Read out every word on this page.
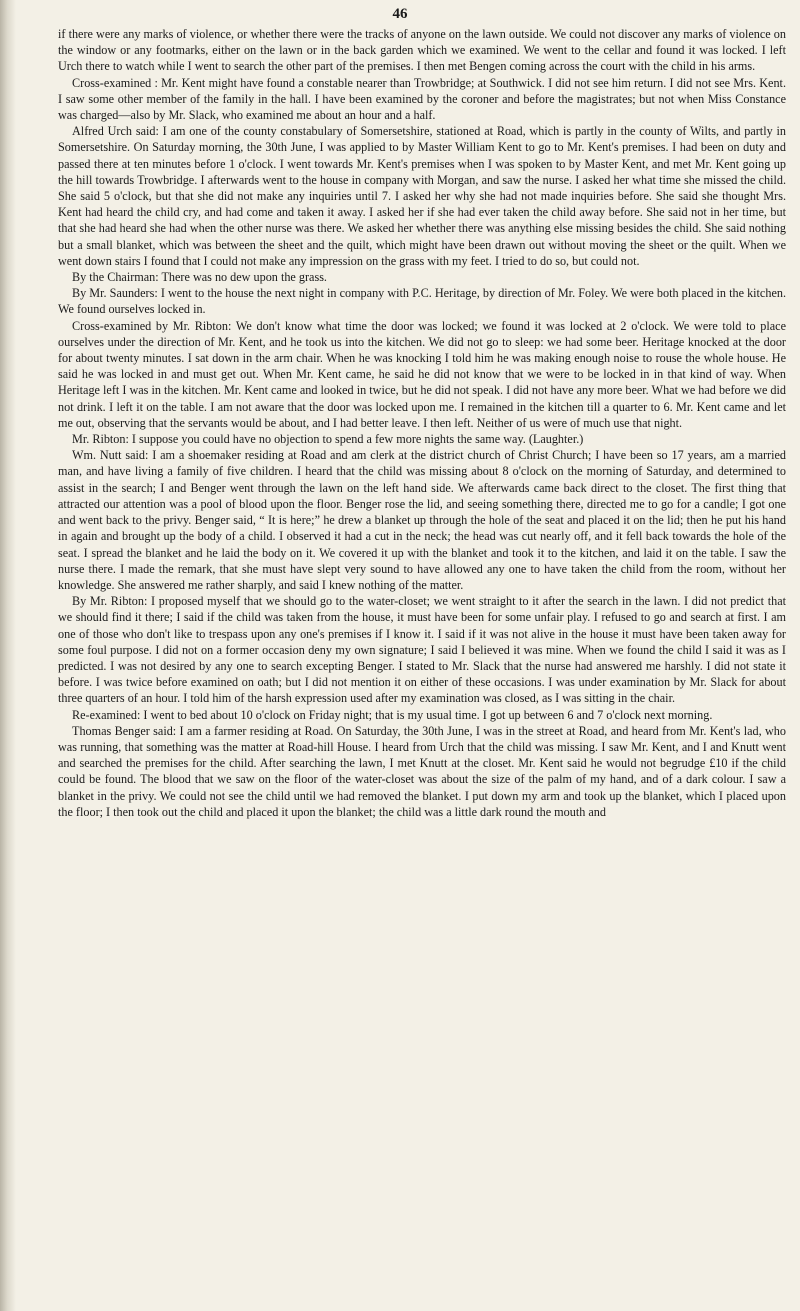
46

if there were any marks of violence, or whether there were the tracks of anyone on the lawn outside. We could not discover any marks of violence on the window or any footmarks, either on the lawn or in the back garden which we examined. We went to the cellar and found it was locked. I left Urch there to watch while I went to search the other part of the premises. I then met Bengen coming across the court with the child in his arms.

Cross-examined : Mr. Kent might have found a constable nearer than Trowbridge; at Southwick. I did not see him return. I did not see Mrs. Kent. I saw some other member of the family in the hall. I have been examined by the coroner and before the magistrates; but not when Miss Constance was charged—also by Mr. Slack, who examined me about an hour and a half.

Alfred Urch said: I am one of the county constabulary of Somersetshire, stationed at Road, which is partly in the county of Wilts, and partly in Somersetshire. On Saturday morning, the 30th June, I was applied to by Master William Kent to go to Mr. Kent's premises. I had been on duty and passed there at ten minutes before 1 o'clock. I went towards Mr. Kent's premises when I was spoken to by Master Kent, and met Mr. Kent going up the hill towards Trowbridge. I afterwards went to the house in company with Morgan, and saw the nurse. I asked her what time she missed the child. She said 5 o'clock, but that she did not make any inquiries until 7. I asked her why she had not made inquiries before. She said she thought Mrs. Kent had heard the child cry, and had come and taken it away. I asked her if she had ever taken the child away before. She said not in her time, but that she had heard she had when the other nurse was there. We asked her whether there was anything else missing besides the child. She said nothing but a small blanket, which was between the sheet and the quilt, which might have been drawn out without moving the sheet or the quilt. When we went down stairs I found that I could not make any impression on the grass with my feet. I tried to do so, but could not.

By the Chairman: There was no dew upon the grass.

By Mr. Saunders: I went to the house the next night in company with P.C. Heritage, by direction of Mr. Foley. We were both placed in the kitchen. We found ourselves locked in.

Cross-examined by Mr. Ribton: We don't know what time the door was locked; we found it was locked at 2 o'clock. We were told to place ourselves under the direction of Mr. Kent, and he took us into the kitchen. We did not go to sleep: we had some beer. Heritage knocked at the door for about twenty minutes. I sat down in the arm chair. When he was knocking I told him he was making enough noise to rouse the whole house. He said he was locked in and must get out. When Mr. Kent came, he said he did not know that we were to be locked in in that kind of way. When Heritage left I was in the kitchen. Mr. Kent came and looked in twice, but he did not speak. I did not have any more beer. What we had before we did not drink. I left it on the table. I am not aware that the door was locked upon me. I remained in the kitchen till a quarter to 6. Mr. Kent came and let me out, observing that the servants would be about, and I had better leave. I then left. Neither of us were of much use that night.

Mr. Ribton: I suppose you could have no objection to spend a few more nights the same way. (Laughter.)

Wm. Nutt said: I am a shoemaker residing at Road and am clerk at the district church of Christ Church; I have been so 17 years, am a married man, and have living a family of five children. I heard that the child was missing about 8 o'clock on the morning of Saturday, and determined to assist in the search; I and Benger went through the lawn on the left hand side. We afterwards came back direct to the closet. The first thing that attracted our attention was a pool of blood upon the floor. Benger rose the lid, and seeing something there, directed me to go for a candle; I got one and went back to the privy. Benger said, “ It is here;” he drew a blanket up through the hole of the seat and placed it on the lid; then he put his hand in again and brought up the body of a child. I observed it had a cut in the neck; the head was cut nearly off, and it fell back towards the hole of the seat. I spread the blanket and he laid the body on it. We covered it up with the blanket and took it to the kitchen, and laid it on the table. I saw the nurse there. I made the remark, that she must have slept very sound to have allowed any one to have taken the child from the room, without her knowledge. She answered me rather sharply, and said I knew nothing of the matter.

By Mr. Ribton: I proposed myself that we should go to the water-closet; we went straight to it after the search in the lawn. I did not predict that we should find it there; I said if the child was taken from the house, it must have been for some unfair play. I refused to go and search at first. I am one of those who don't like to trespass upon any one's premises if I know it. I said if it was not alive in the house it must have been taken away for some foul purpose. I did not on a former occasion deny my own signature; I said I believed it was mine. When we found the child I said it was as I predicted. I was not desired by any one to search excepting Benger. I stated to Mr. Slack that the nurse had answered me harshly. I did not state it before. I was twice before examined on oath; but I did not mention it on either of these occasions. I was under examination by Mr. Slack for about three quarters of an hour. I told him of the harsh expression used after my examination was closed, as I was sitting in the chair.

Re-examined: I went to bed about 10 o'clock on Friday night; that is my usual time. I got up between 6 and 7 o'clock next morning.

Thomas Benger said: I am a farmer residing at Road. On Saturday, the 30th June, I was in the street at Road, and heard from Mr. Kent's lad, who was running, that something was the matter at Road-hill House. I heard from Urch that the child was missing. I saw Mr. Kent, and I and Knutt went and searched the premises for the child. After searching the lawn, I met Knutt at the closet. Mr. Kent said he would not begrudge £10 if the child could be found. The blood that we saw on the floor of the water-closet was about the size of the palm of my hand, and of a dark colour. I saw a blanket in the privy. We could not see the child until we had removed the blanket. I put down my arm and took up the blanket, which I placed upon the floor; I then took out the child and placed it upon the blanket; the child was a little dark round the mouth and
